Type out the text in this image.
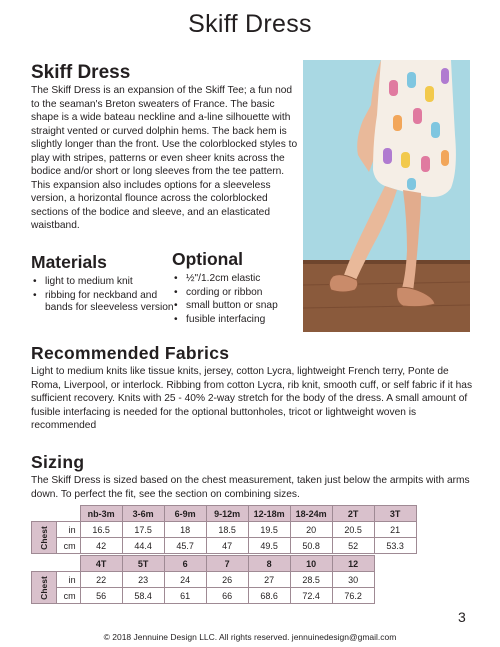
Skiff Dress
Skiff Dress

The Skiff Dress is an expansion of the Skiff Tee; a fun nod to the seaman's Breton sweaters of France. The basic shape is a wide bateau neckline and a-line silhouette with straight vented or curved dolphin hems. The back hem is slightly longer than the front. Use the colorblocked styles to play with stripes, patterns or even sheer knits across the bodice and/or short or long sleeves from the tee pattern. This expansion also includes options for a sleeveless version, a horizontal flounce across the colorblocked sections of the bodice and sleeve, and an elasticated waistband.

Materials
• light to medium knit
• ribbing for neckband and bands for sleeveless version
Optional
• ½"/1.2cm elastic
• cording or ribbon
• small button or snap
• fusible interfacing
Recommended Fabrics

Light to medium knits like tissue knits, jersey, cotton Lycra, lightweight French terry, Ponte de Roma, Liverpool, or interlock. Ribbing from cotton Lycra, rib knit, smooth cuff, or self fabric if it has sufficient recovery. Knits with 25 - 40% 2-way stretch for the body of the dress. A small amount of fusible interfacing is needed for the optional buttonholes, tricot or lightweight woven is recommended

Sizing

The Skiff Dress is sized based on the chest measurement, taken just below the armpits with arms down. To perfect the fit, see the section on combining sizes.

		nb-3m	3-6m	6-9m	9-12m	12-18m	18-24m	2T	3T
Chest	in	16.5	17.5	18	18.5	19.5	20	20.5	21
	cm	42	44.4	45.7	47	49.5	50.8	52	53.3
		4T	5T	6	7	8	10	12
Chest	in	22	23	24	26	27	28.5	30
	cm	56	58.4	61	66	68.6	72.4	76.2
3
© 2018 Jennuine Design LLC. All rights reserved. jennuinedesign@gmail.com
